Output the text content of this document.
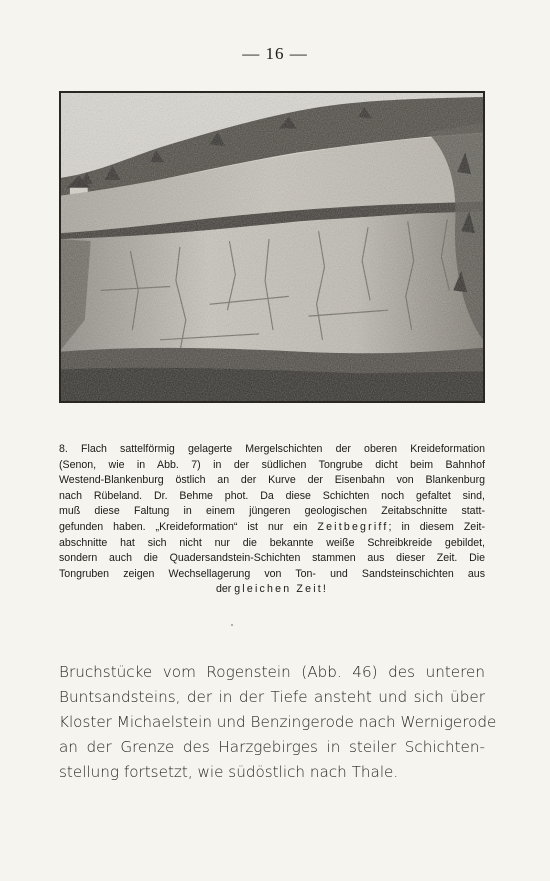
— 16 —
8. Flach sattelförmig gelagerte Mergelschichten der oberen Kreideformation
(Senon, wie in Abb. 7) in der südlichen Tongrube dicht beim Bahnhof
Westend-Blankenburg östlich an der Kurve der Eisenbahn von Blankenburg
nach Rübeland. Dr. Behme phot. Da diese Schichten noch gefaltet sind,
muß diese Faltung in einem jüngeren geologischen Zeitabschnitte statt-
gefunden haben. „Kreideformation“ ist nur ein Zeitbegriff; in diesem Zeit-
abschnitte hat sich nicht nur die bekannte weiße Schreibkreide gebildet,
sondern auch die Quadersandstein-Schichten stammen aus dieser Zeit. Die
Tongruben zeigen Wechsellagerung von Ton- und Sandsteinschichten aus
der gleichen Zeit!
Bruchstücke vom Rogenstein (Abb. 46) des unteren
Buntsandsteins, der in der Tiefe ansteht und sich über
Kloster Michaelstein und Benzingerode nach Wernigerode
an der Grenze des Harzgebirges in steiler Schichten-
stellung fortsetzt, wie südöstlich nach Thale.
